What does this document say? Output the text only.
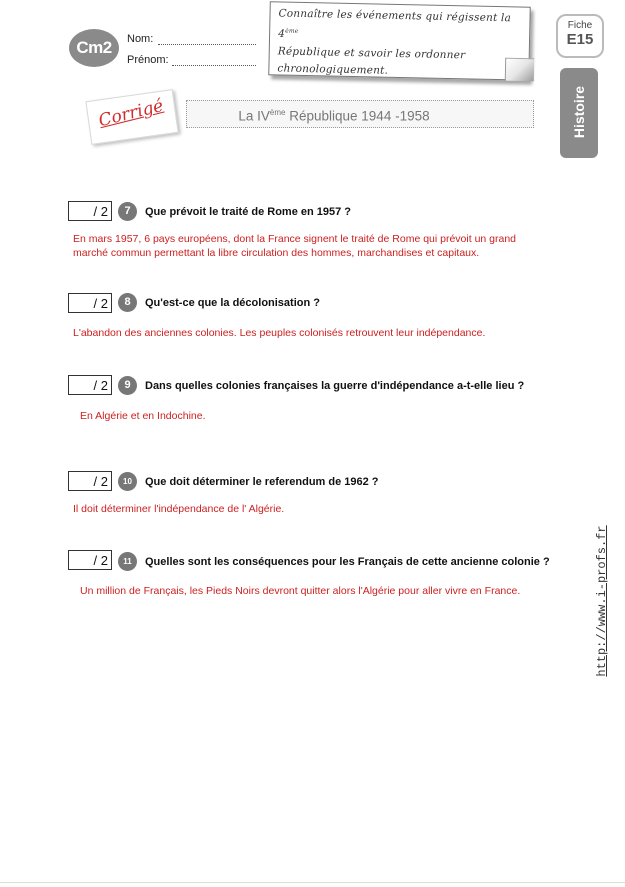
Cm2	Nom:
Prénom:
Connaître les événements qui régissent la 4ème
République et savoir les ordonner
chronologiquement.
Fiche
E15
Histoire
La IVème République 1944 -1958
Corrigé
/ 2	7	Que prévoit le traité de Rome en 1957 ?
En mars 1957, 6 pays européens, dont la France signent le traité de Rome qui prévoit un grand
marché commun permettant la libre circulation des hommes, marchandises et capitaux.
/ 2	8	Qu'est-ce que la décolonisation ?
L'abandon des anciennes colonies. Les peuples colonisés retrouvent leur indépendance.
/ 2	9	Dans quelles colonies françaises la guerre d'indépendance a-t-elle lieu ?
En Algérie et en Indochine.
/ 2	10	Que doit déterminer le referendum de 1962 ?
Il doit déterminer l'indépendance de l' Algérie.
/ 2	11	Quelles sont les conséquences pour les Français de cette ancienne colonie ?
Un million de Français, les Pieds Noirs devront quitter alors l'Algérie pour aller vivre en France.	http://www.i-profs.fr
